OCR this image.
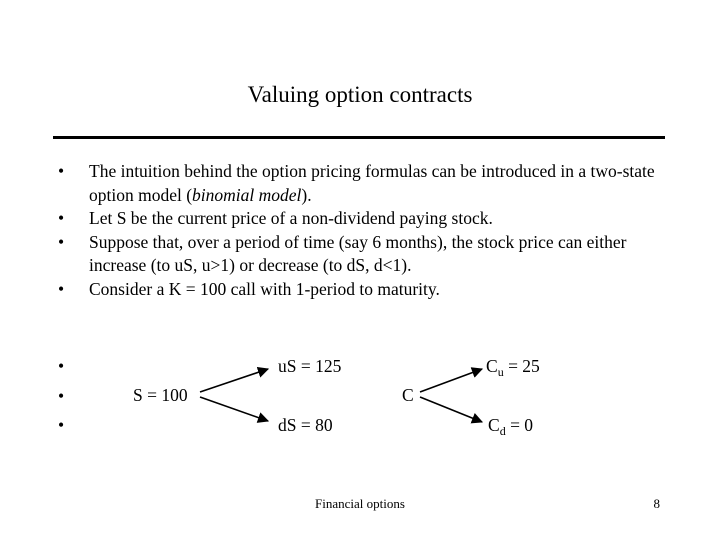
Valuing option contracts
• The intuition behind the option pricing formulas can be introduced in a two-state option model (binomial model).
• Let S be the current price of a non-dividend paying stock.
• Suppose that, over a period of time (say 6 months), the stock price can either increase (to uS, u>1) or decrease (to dS, d<1).
• Consider a K = 100 call with 1-period to maturity.
•
•
•
S = 100
uS = 125
dS = 80
C
$C_u = 25$
$C_d = 0$
Financial options	8
